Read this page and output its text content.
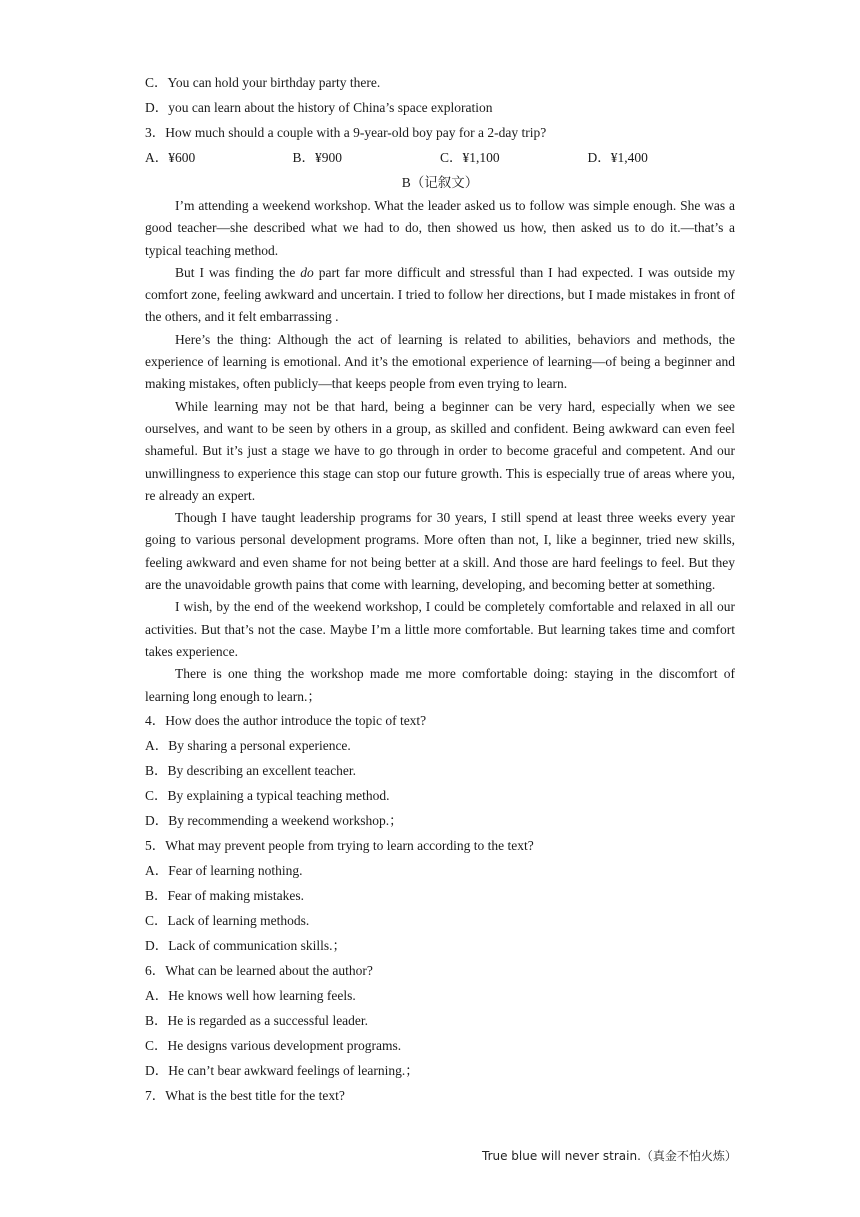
C．You can hold your birthday party there.

D．you can learn about the history of China’s space exploration

3．How much should a couple with a 9-year-old boy pay for a 2-day trip?

A．¥600	B．¥900	C．¥1,100	D．¥1,400
B（记叙文）

I’m attending a weekend workshop. What the leader asked us to follow was simple enough. She was a good teacher—she described what we had to do, then showed us how, then asked us to do it.—that’s a typical teaching method.

But I was finding the do part far more difficult and stressful than I had expected. I was outside my comfort zone, feeling awkward and uncertain. I tried to follow her directions, but I made mistakes in front of the others, and it felt embarrassing .

Here’s the thing: Although the act of learning is related to abilities, behaviors and methods, the experience of learning is emotional. And it’s the emotional experience of learning—of being a beginner and making mistakes, often publicly—that keeps people from even trying to learn.

While learning may not be that hard, being a beginner can be very hard, especially when we see ourselves, and want to be seen by others in a group, as skilled and confident. Being awkward can even feel shameful. But it’s just a stage we have to go through in order to become graceful and competent. And our unwillingness to experience this stage can stop our future growth. This is especially true of areas where you, re already an expert.

Though I have taught leadership programs for 30 years, I still spend at least three weeks every year going to various personal development programs. More often than not, I, like a beginner, tried new skills, feeling awkward and even shame for not being better at a skill. And those are hard feelings to feel. But they are the unavoidable growth pains that come with learning, developing, and becoming better at something.

I wish, by the end of the weekend workshop, I could be completely comfortable and relaxed in all our activities. But that’s not the case. Maybe I’m a little more comfortable. But learning takes time and comfort takes experience.

There is one thing the workshop made me more comfortable doing: staying in the discomfort of learning long enough to learn.；

4．How does the author introduce the topic of text?

A．By sharing a personal experience.

B．By describing an excellent teacher.

C．By explaining a typical teaching method.

D．By recommending a weekend workshop.；

5．What may prevent people from trying to learn according to the text?

A．Fear of learning nothing.

B．Fear of making mistakes.

C．Lack of learning methods.

D．Lack of communication skills.；

6．What can be learned about the author?

A．He knows well how learning feels.

B．He is regarded as a successful leader.

C．He designs various development programs.

D．He can’t bear awkward feelings of learning.；

7．What is the best title for the text?

True blue will never strain.（真金不怕火炼）
